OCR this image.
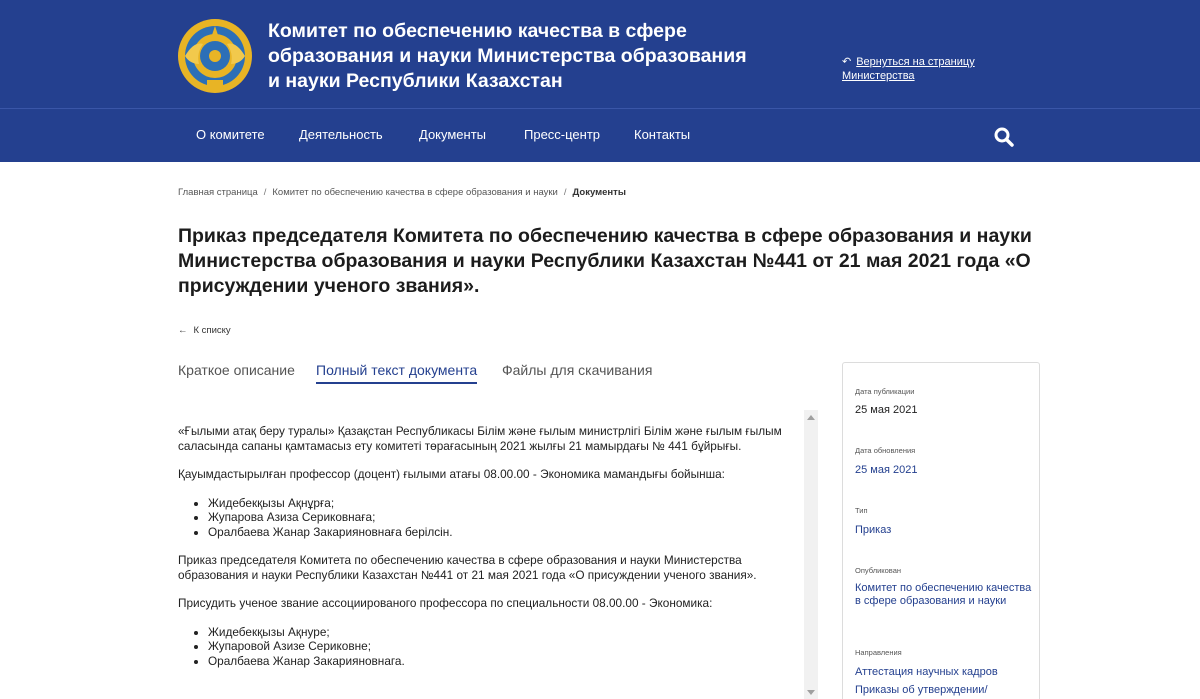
Комитет по обеспечению качества в сфере образования и науки Министерства образования и науки Республики Казахстан
↶ Вернуться на страницу Министерства
О комитете	Деятельность	Документы	Пресс-центр	Контакты
Главная страница / Комитет по обеспечению качества в сфере образования и науки / Документы
Приказ председателя Комитета по обеспечению качества в сфере образования и науки Министерства образования и науки Республики Казахстан №441 от 21 мая 2021 года «О присуждении ученого звания».
← К списку
Краткое описание Полный текст документа Файлы для скачивания

«Ғылыми атақ беру туралы» Қазақстан Республикасы Білім және ғылым министрлігі Білім және ғылым ғылым саласында сапаны қамтамасыз ету комитеті төрағасының 2021 жылғы 21 мамырдағы № 441 бұйрығы.

Қауымдастырылған профессор (доцент) ғылыми атағы 08.00.00 - Экономика мамандығы бойынша:

• Жидебекқызы Ақнұрға;
• Жупарова Азиза Сериковнаға;
• Оралбаева Жанар Закарияновнаға берілсін.

Приказ председателя Комитета по обеспечению качества в сфере образования и науки Министерства образования и науки Республики Казахстан №441 от 21 мая 2021 года «О присуждении ученого звания».

Присудить ученое звание ассоциированого профессора по специальности 08.00.00 - Экономика:

• Жидебекқызы Ақнуре;
• Жупаровой Азизе Сериковне;
• Оралбаева Жанар Закарияновнага.
Дата публикации
25 мая 2021
Дата обновления
25 мая 2021
Тип
Приказ
Опубликован
Комитет по обеспечению качества в сфере образования и науки
Направления
Аттестация научных кадров
Приказы об утверждении/
